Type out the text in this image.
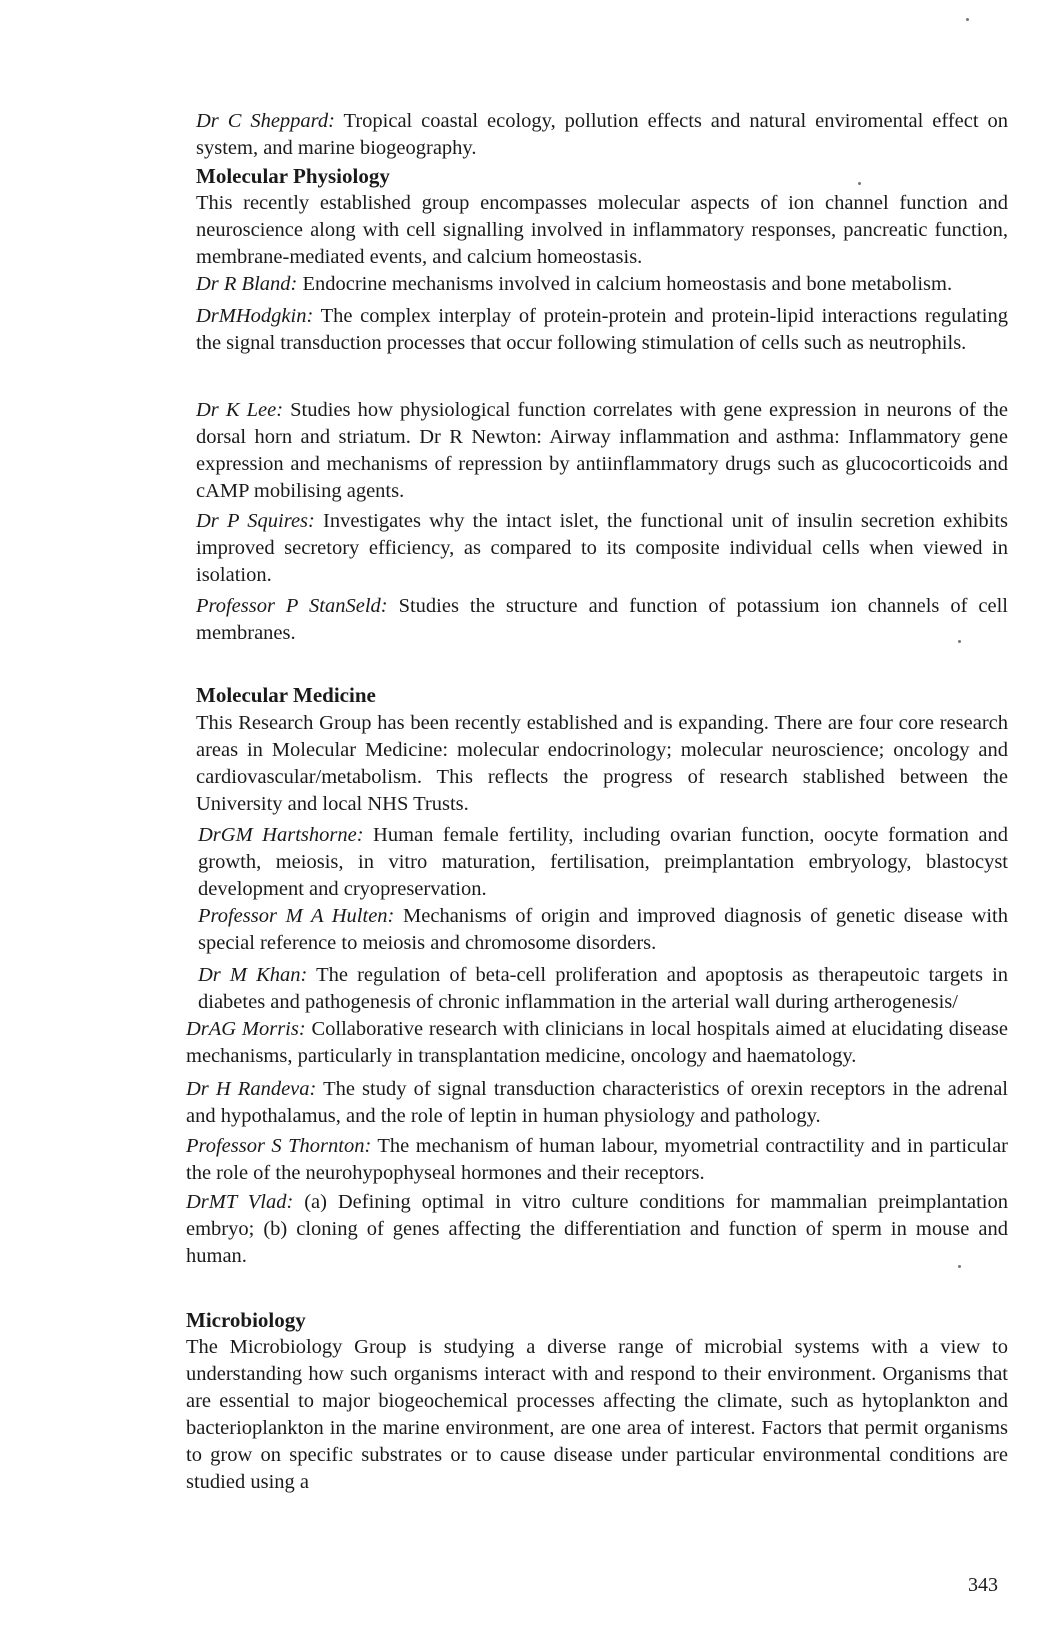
Dr C Sheppard: Tropical coastal ecology, pollution effects and natural enviromental effect on system, and marine biogeography.
Molecular Physiology
This recently established group encompasses molecular aspects of ion channel function and neuroscience along with cell signalling involved in inflammatory responses, pancreatic function, membrane-mediated events, and calcium homeostasis.
Dr R Bland: Endocrine mechanisms involved in calcium homeostasis and bone metabolism.
DrMHodgkin: The complex interplay of protein-protein and protein-lipid interactions regulating the signal transduction processes that occur following stimulation of cells such as neutrophils.
Dr K Lee: Studies how physiological function correlates with gene expression in neurons of the dorsal horn and striatum. Dr R Newton: Airway inflammation and asthma: Inflammatory gene expression and mechanisms of repression by antiinflammatory drugs such as glucocorticoids and cAMP mobilising agents.
Dr P Squires: Investigates why the intact islet, the functional unit of insulin secretion exhibits improved secretory efficiency, as compared to its composite individual cells when viewed in isolation.
Professor P StanSeld: Studies the structure and function of potassium ion channels of cell membranes.
Molecular Medicine
This Research Group has been recently established and is expanding. There are four core research areas in Molecular Medicine: molecular endocrinology; molecular neuroscience; oncology and cardiovascular/metabolism. This reflects the progress of research stablished between the University and local NHS Trusts.
DrGM Hartshorne: Human female fertility, including ovarian function, oocyte formation and growth, meiosis, in vitro maturation, fertilisation, preimplantation embryology, blastocyst development and cryopreservation.
Professor M A Hulten: Mechanisms of origin and improved diagnosis of genetic disease with special reference to meiosis and chromosome disorders.
Dr M Khan: The regulation of beta-cell proliferation and apoptosis as therapeutoic targets in diabetes and pathogenesis of chronic inflammation in the arterial wall during artherogenesis/
DrAG Morris: Collaborative research with clinicians in local hospitals aimed at elucidating disease mechanisms, particularly in transplantation medicine, oncology and haematology.
Dr H Randeva: The study of signal transduction characteristics of orexin receptors in the adrenal and hypothalamus, and the role of leptin in human physiology and pathology.
Professor S Thornton: The mechanism of human labour, myometrial contractility and in particular the role of the neurohypophyseal hormones and their receptors.
DrMT Vlad: (a) Defining optimal in vitro culture conditions for mammalian preimplantation embryo; (b) cloning of genes affecting the differentiation and function of sperm in mouse and human.
Microbiology
The Microbiology Group is studying a diverse range of microbial systems with a view to understanding how such organisms interact with and respond to their environment. Organisms that are essential to major biogeochemical processes affecting the climate, such as hytoplankton and bacterioplankton in the marine environment, are one area of interest. Factors that permit organisms to grow on specific substrates or to cause disease under particular environmental conditions are studied using a
343
